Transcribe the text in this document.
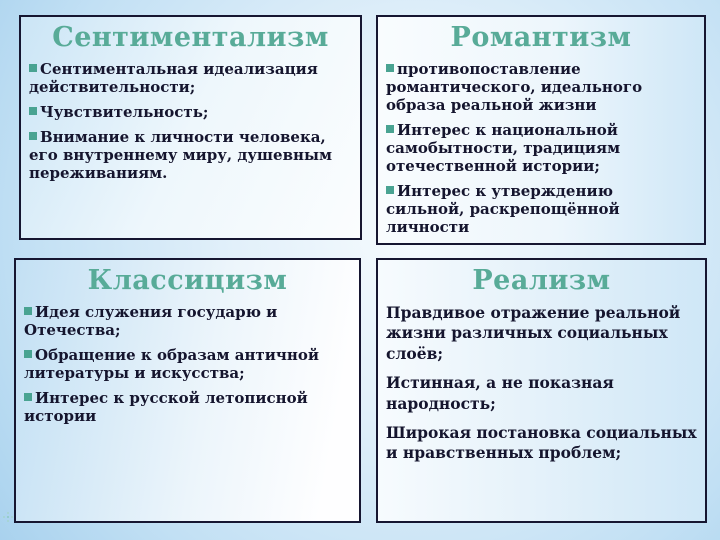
Сентиментализм
Сентиментальная идеализация действительности;
Чувствительность;
Внимание к личности человека, его внутреннему миру, душевным переживаниям.
Романтизм
противопоставление романтического, идеального образа реальной жизни
Интерес к национальной самобытности, традициям отечественной истории;
Интерес к утверждению сильной, раскрепощённой личности
Классицизм
Идея служения государю и Отечества;
Обращение к образам античной литературы и искусства;
Интерес к русской летописной истории
Реализм
Правдивое отражение реальной жизни различных социальных слоёв;
Истинная, а не показная народность;
Широкая постановка социальных и нравственных проблем;
